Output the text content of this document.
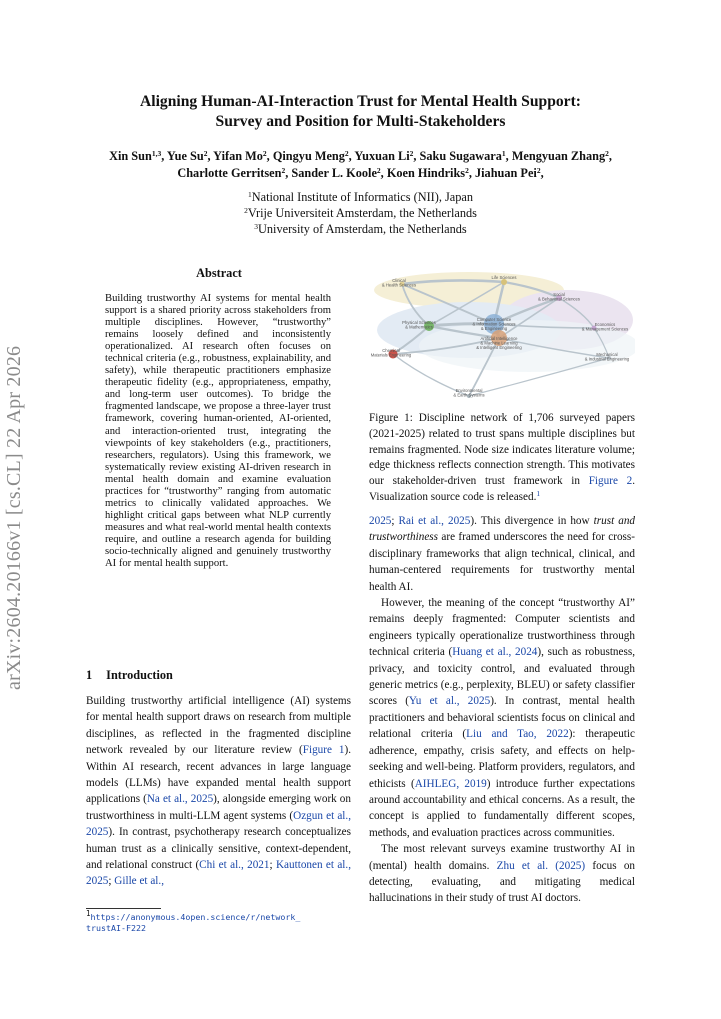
arXiv:2604.20166v1 [cs.CL] 22 Apr 2026
Aligning Human-AI-Interaction Trust for Mental Health Support:
Survey and Position for Multi-Stakeholders
Xin Sun$^{1,3}$, Yue Su$^2$, Yifan Mo$^2$, Qingyu Meng$^2$, Yuxuan Li$^2$, Saku Sugawara$^1$, Mengyuan Zhang$^2$,
Charlotte Gerritsen$^2$, Sander L. Koole$^2$, Koen Hindriks$^2$, Jiahuan Pei$^2$,
$^1$National Institute of Informatics (NII), Japan
$^2$Vrije Universiteit Amsterdam, the Netherlands
$^3$University of Amsterdam, the Netherlands
Abstract
Building trustworthy AI systems for mental health support is a shared priority across stakeholders from multiple disciplines. However, “trustworthy” remains loosely defined and inconsistently operationalized. AI research often focuses on technical criteria (e.g., robustness, explainability, and safety), while therapeutic practitioners emphasize therapeutic fidelity (e.g., appropriateness, empathy, and long-term user outcomes). To bridge the fragmented landscape, we propose a three-layer trust framework, covering human-oriented, AI-oriented, and interaction-oriented trust, integrating the viewpoints of key stakeholders (e.g., practitioners, researchers, regulators). Using this framework, we systematically review existing AI-driven research in mental health domain and examine evaluation practices for “trustworthy” ranging from automatic metrics to clinically validated approaches. We highlight critical gaps between what NLP currently measures and what real-world mental health contexts require, and outline a research agenda for building socio-technically aligned and genuinely trustworthy AI for mental health support.
1 Introduction

Building trustworthy artificial intelligence (AI) systems for mental health support draws on research from multiple disciplines, as reflected in the fragmented discipline network revealed by our literature review (Figure 1). Within AI research, recent advances in large language models (LLMs) have expanded mental health support applications (Na et al., 2025), alongside emerging work on trustworthiness in multi-LLM agent systems (Ozgun et al., 2025). In contrast, psychotherapy research conceptualizes human trust as a clinically sensitive, context-dependent, and relational construct (Chi et al., 2021; Kauttonen et al., 2025; Gille et al.,

$^1$https://anonymous.4open.science/r/network_
trustAI-F222
Clinical & Health Sciences
Life Sciences
Social & Behavioral Sciences
Physical Sciences & Mathematics
Computer Science & Information Sciences & Engineering
Artificial Intelligence & Machine Learning & Intelligent Engineering
Economics & Management Sciences
Chemical Materials Engineering	Mechanical & Industrial Engineering
Environmental & Earth Systems
Figure 1: Discipline network of 1,706 surveyed papers (2021-2025) related to trust spans multiple disciplines but remains fragmented. Node size indicates literature volume; edge thickness reflects connection strength. This motivates our stakeholder-driven trust framework in Figure 2. Visualization source code is released.$^1$

2025; Rai et al., 2025). This divergence in how trust and trustworthiness are framed underscores the need for cross-disciplinary frameworks that align technical, clinical, and human-centered requirements for trustworthy mental health AI.

However, the meaning of the concept “trustworthy AI” remains deeply fragmented: Computer scientists and engineers typically operationalize trustworthiness through technical criteria (Huang et al., 2024), such as robustness, privacy, and toxicity control, and evaluated through generic metrics (e.g., perplexity, BLEU) or safety classifier scores (Yu et al., 2025). In contrast, mental health practitioners and behavioral scientists focus on clinical and relational criteria (Liu and Tao, 2022): therapeutic adherence, empathy, crisis safety, and effects on help-seeking and well-being. Platform providers, regulators, and ethicists (AIHLEG, 2019) introduce further expectations around accountability and ethical concerns. As a result, the concept is applied to fundamentally different scopes, methods, and evaluation practices across communities.

The most relevant surveys examine trustworthy AI in (mental) health domains. Zhu et al. (2025) focus on detecting, evaluating, and mitigating medical hallucinations in their study of trust AI doctors.
